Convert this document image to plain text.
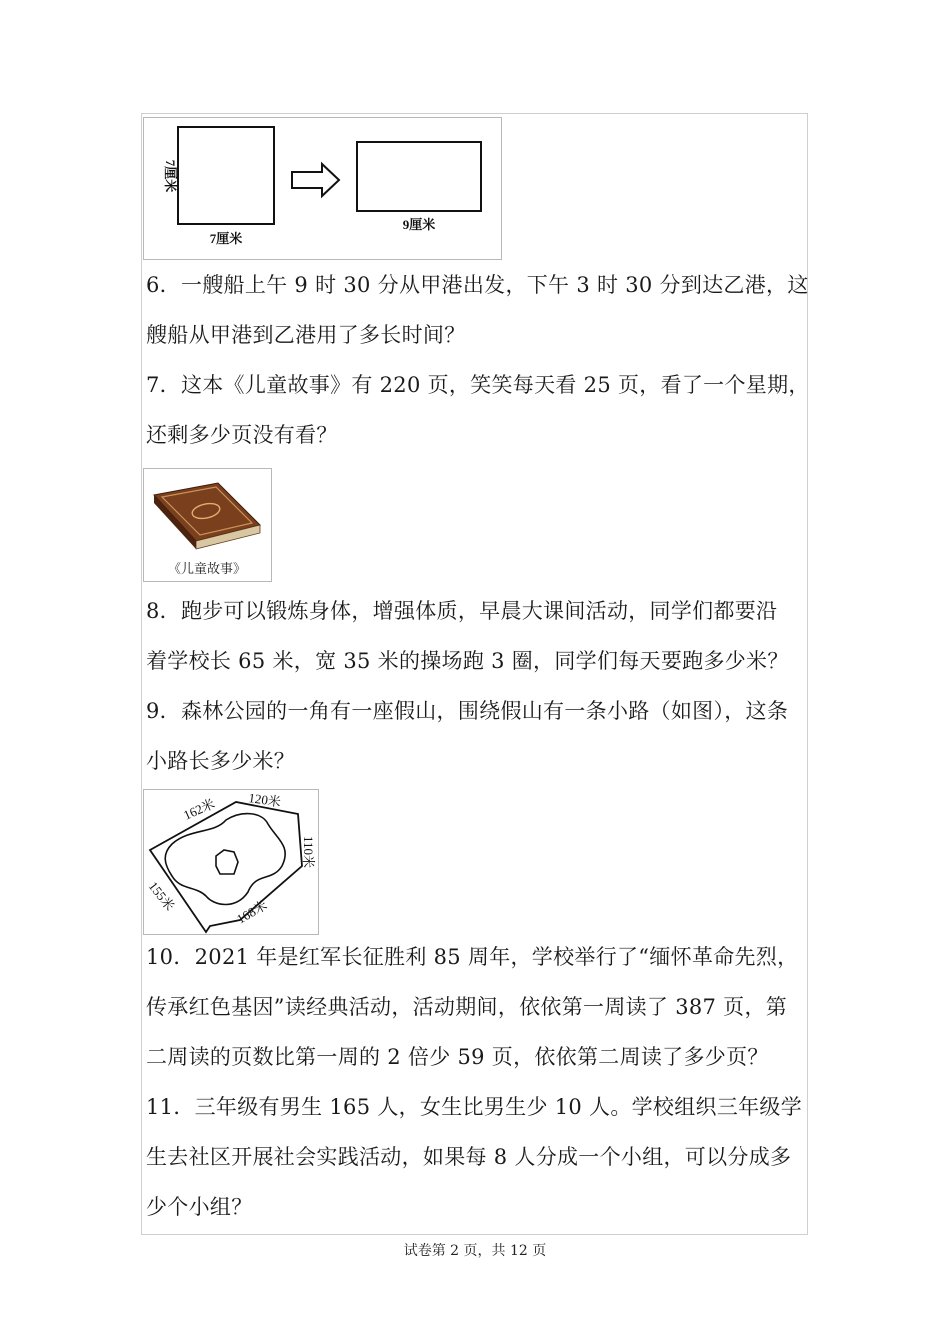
7厘米
7厘米
9厘米
6．一艘船上午 9 时 30 分从甲港出发，下午 3 时 30 分到达乙港，这
艘船从甲港到乙港用了多长时间？
7．这本《儿童故事》有 220 页，笑笑每天看 25 页，看了一个星期，
还剩多少页没有看？
《儿童故事》
8．跑步可以锻炼身体，增强体质，早晨大课间活动，同学们都要沿
着学校长 65 米，宽 35 米的操场跑 3 圈，同学们每天要跑多少米？
9．森林公园的一角有一座假山，围绕假山有一条小路（如图），这条
小路长多少米？
162米 120米
110米
155米	168米
10．2021 年是红军长征胜利 85 周年，学校举行了“缅怀革命先烈，
传承红色基因”读经典活动，活动期间，依依第一周读了 387 页，第
二周读的页数比第一周的 2 倍少 59 页，依依第二周读了多少页？
11．三年级有男生 165 人，女生比男生少 10 人。学校组织三年级学
生去社区开展社会实践活动，如果每 8 人分成一个小组，可以分成多
少个小组？
试卷第 2 页，共 12 页
